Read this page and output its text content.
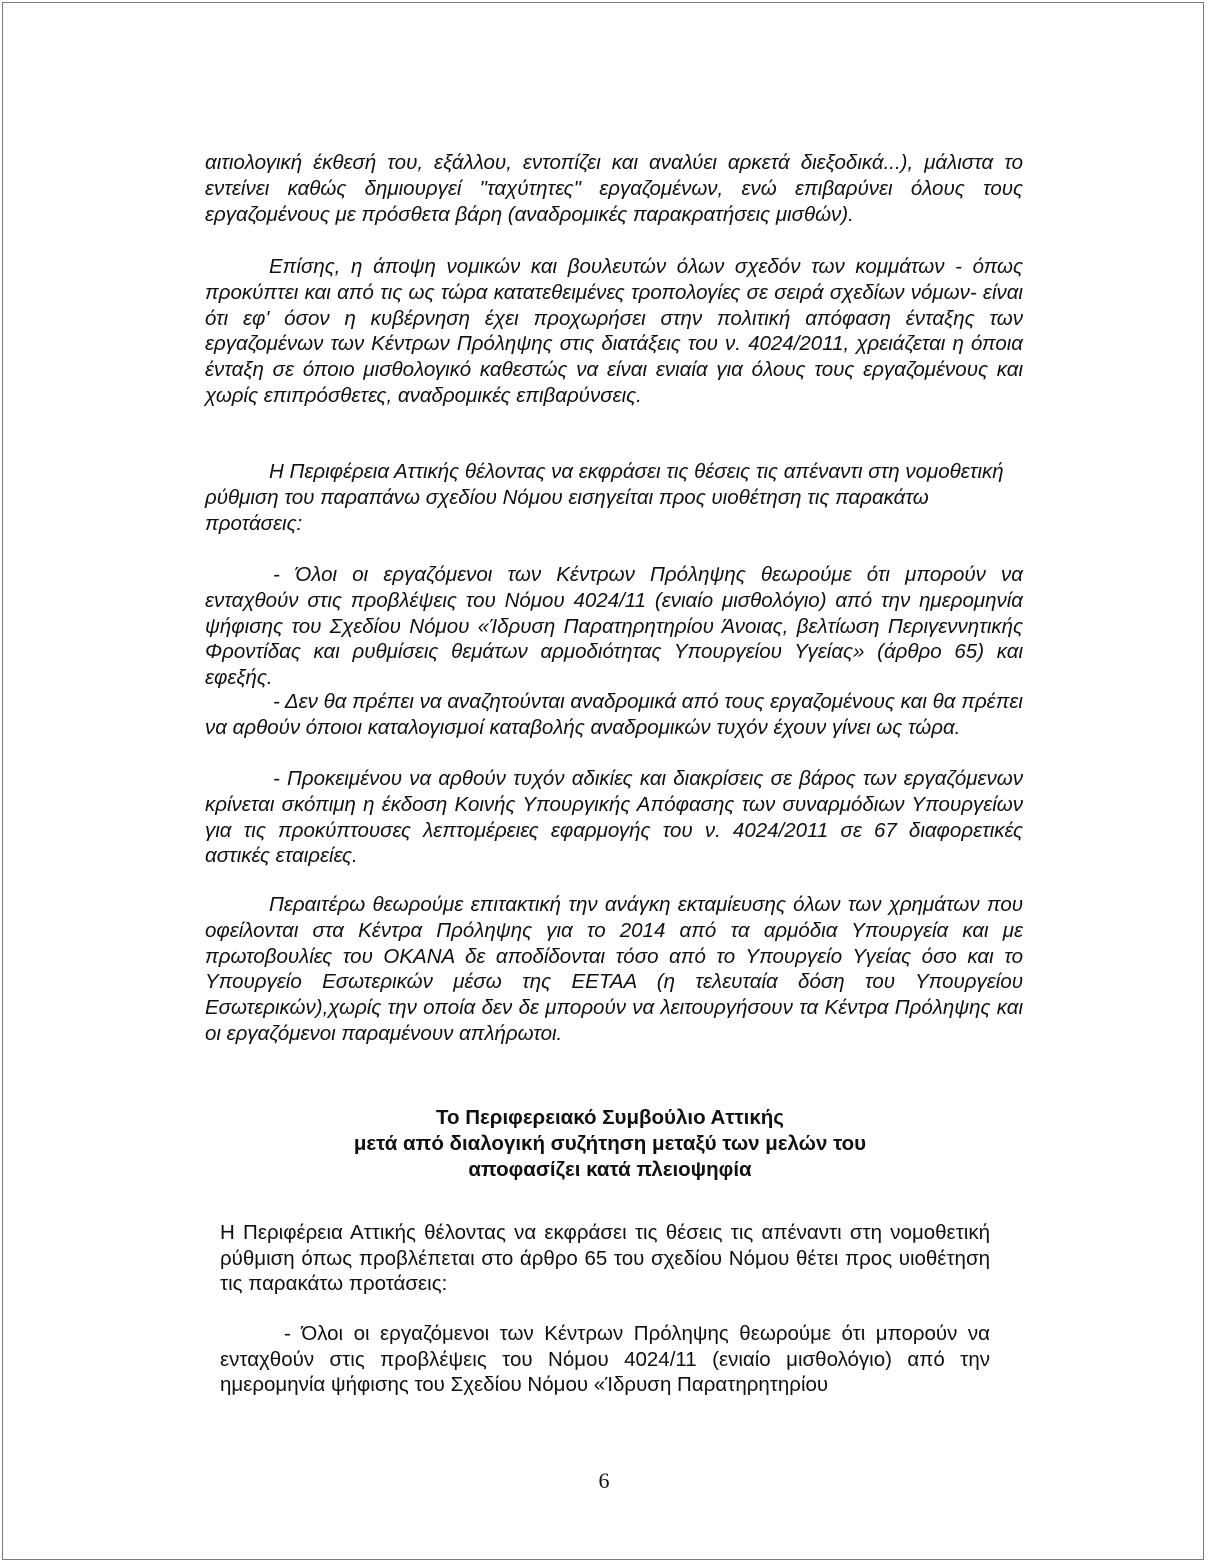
αιτιολογική έκθεσή του, εξάλλου, εντοπίζει και αναλύει αρκετά διεξοδικά...), μάλιστα το εντείνει καθώς δημιουργεί "ταχύτητες" εργαζομένων, ενώ επιβαρύνει όλους τους εργαζομένους με πρόσθετα βάρη (αναδρομικές παρακρατήσεις μισθών).

Επίσης, η άποψη νομικών και βουλευτών όλων σχεδόν των κομμάτων - όπως προκύπτει και από τις ως τώρα κατατεθειμένες τροπολογίες σε σειρά σχεδίων νόμων- είναι ότι εφ' όσον η κυβέρνηση έχει προχωρήσει στην πολιτική απόφαση ένταξης των εργαζομένων των Κέντρων Πρόληψης στις διατάξεις του ν. 4024/2011, χρειάζεται η όποια ένταξη σε όποιο μισθολογικό καθεστώς να είναι ενιαία για όλους τους εργαζομένους και χωρίς επιπρόσθετες, αναδρομικές επιβαρύνσεις.

Η Περιφέρεια Αττικής θέλοντας να εκφράσει τις θέσεις τις απέναντι στη νομοθετική ρύθμιση του παραπάνω σχεδίου Νόμου εισηγείται προς υιοθέτηση τις παρακάτω προτάσεις:

- Όλοι οι εργαζόμενοι των Κέντρων Πρόληψης θεωρούμε ότι μπορούν να ενταχθούν στις προβλέψεις του Νόμου 4024/11 (ενιαίο μισθολόγιο) από την ημερομηνία ψήφισης του Σχεδίου Νόμου «Ίδρυση Παρατηρητηρίου Άνοιας, βελτίωση Περιγεννητικής Φροντίδας και ρυθμίσεις θεμάτων αρμοδιότητας Υπουργείου Υγείας» (άρθρο 65) και εφεξής.

- Δεν θα πρέπει να αναζητούνται αναδρομικά από τους εργαζομένους και θα πρέπει να αρθούν όποιοι καταλογισμοί καταβολής αναδρομικών τυχόν έχουν γίνει ως τώρα.

- Προκειμένου να αρθούν τυχόν αδικίες και διακρίσεις σε βάρος των εργαζόμενων κρίνεται σκόπιμη η έκδοση Κοινής Υπουργικής Απόφασης των συναρμόδιων Υπουργείων για τις προκύπτουσες λεπτομέρειες εφαρμογής του ν. 4024/2011 σε 67 διαφορετικές αστικές εταιρείες.

Περαιτέρω θεωρούμε επιτακτική την ανάγκη εκταμίευσης όλων των χρημάτων που οφείλονται στα Κέντρα Πρόληψης για το 2014 από τα αρμόδια Υπουργεία και με πρωτοβουλίες του ΟΚΑΝΑ δε αποδίδονται τόσο από το Υπουργείο Υγείας όσο και το Υπουργείο Εσωτερικών μέσω της ΕΕΤΑΑ (η τελευταία δόση του Υπουργείου Εσωτερικών),χωρίς την οποία δεν δε μπορούν να λειτουργήσουν τα Κέντρα Πρόληψης και οι εργαζόμενοι παραμένουν απλήρωτοι.

Το Περιφερειακό Συμβούλιο Αττικής
μετά από διαλογική συζήτηση μεταξύ των μελών του
αποφασίζει κατά πλειοψηφία

Η Περιφέρεια Αττικής θέλοντας να εκφράσει τις θέσεις τις απέναντι στη νομοθετική ρύθμιση όπως προβλέπεται στο άρθρο 65 του σχεδίου Νόμου θέτει προς υιοθέτηση τις παρακάτω προτάσεις:

- Όλοι οι εργαζόμενοι των Κέντρων Πρόληψης θεωρούμε ότι μπορούν να ενταχθούν στις προβλέψεις του Νόμου 4024/11 (ενιαίο μισθολόγιο) από την ημερομηνία ψήφισης του Σχεδίου Νόμου «Ίδρυση Παρατηρητηρίου

6
